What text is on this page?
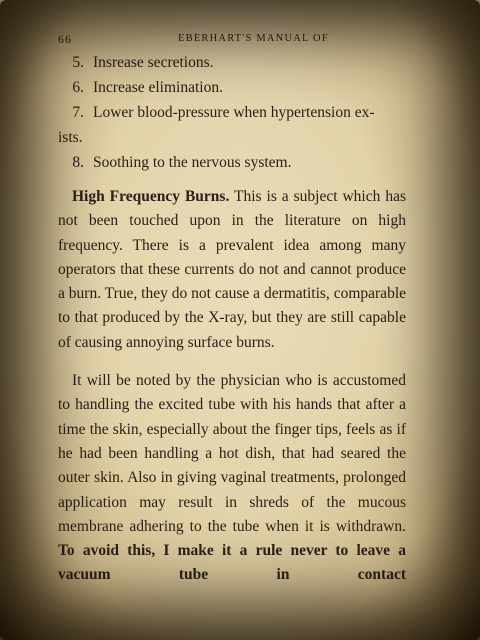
66	EBERHART'S MANUAL OF
5. Insrease secretions.
6. Increase elimination.
7. Lower blood-pressure when hypertension ex-
ists.
8. Soothing to the nervous system.

High Frequency Burns. This is a subject which has not been touched upon in the literature on high frequency. There is a prevalent idea among many operators that these currents do not and cannot produce a burn. True, they do not cause a dermatitis, comparable to that produced by the X-ray, but they are still capable of causing annoying surface burns.

It will be noted by the physician who is accustomed to handling the excited tube with his hands that after a time the skin, especially about the finger tips, feels as if he had been handling a hot dish, that had seared the outer skin. Also in giving vaginal treatments, prolonged application may result in shreds of the mucous membrane adhering to the tube when it is withdrawn. To avoid this, I make it a rule never to leave a vacuum tube in contact
